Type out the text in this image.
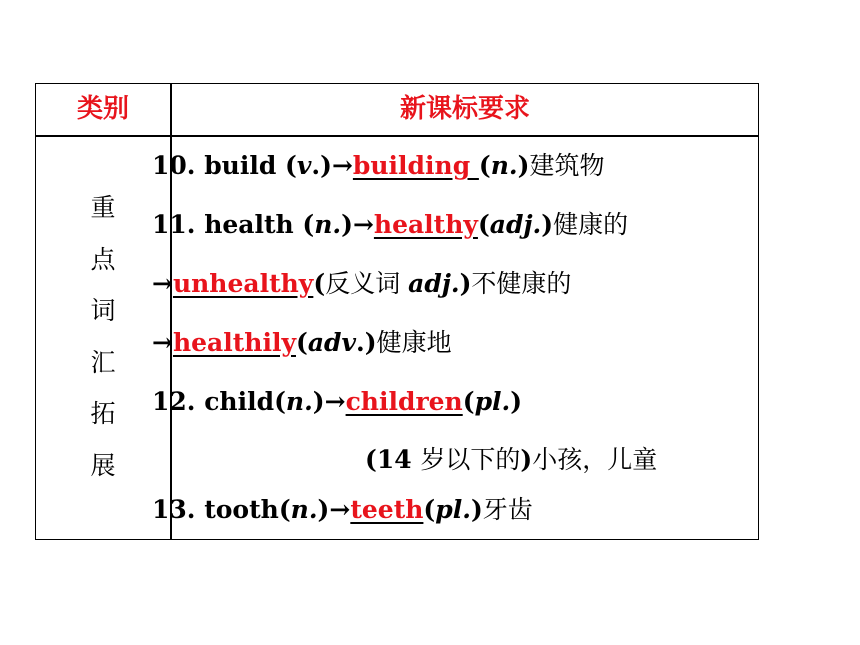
类别	新课标要求
重
点
词
汇
拓
展
10. build (v.)→building (n.)建筑物
11. health (n.)→healthy(adj.)健康的
→unhealthy(反义词 adj.)不健康的
→healthily(adv.)健康地
12. child(n.)→children(pl.)
(14 岁以下的)小孩，儿童
13. tooth(n.)→teeth(pl.)牙齿
